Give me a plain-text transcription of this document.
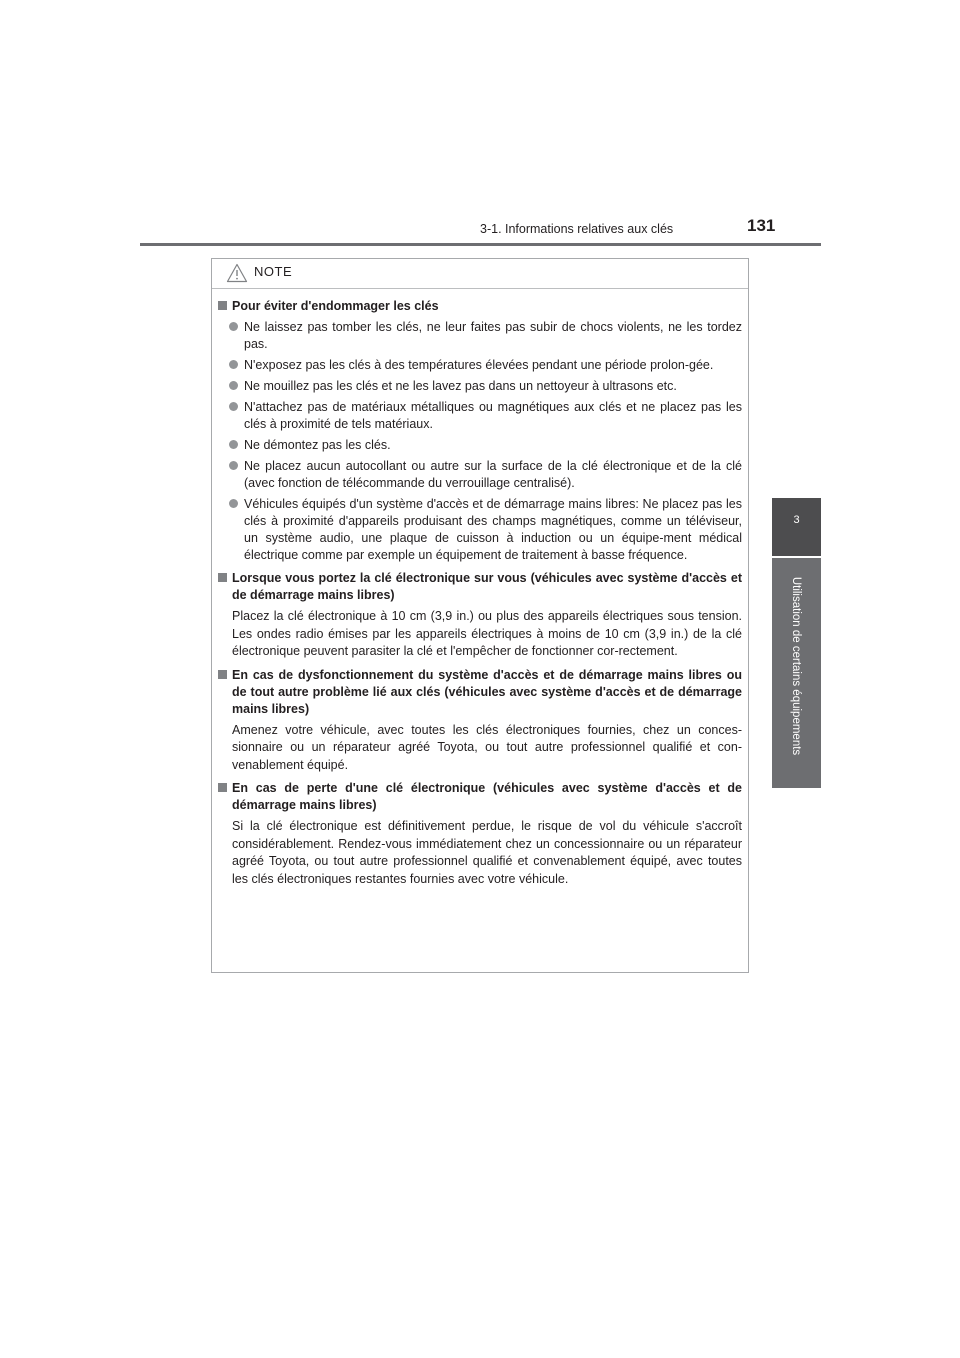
3-1. Informations relatives aux clés	131
3
Utilisation de certains équipements
NOTE
Pour éviter d'endommager les clés
Ne laissez pas tomber les clés, ne leur faites pas subir de chocs violents, ne les tordez pas.
N'exposez pas les clés à des températures élevées pendant une période prolon-gée.
Ne mouillez pas les clés et ne les lavez pas dans un nettoyeur à ultrasons etc.
N'attachez pas de matériaux métalliques ou magnétiques aux clés et ne placez pas les clés à proximité de tels matériaux.
Ne démontez pas les clés.
Ne placez aucun autocollant ou autre sur la surface de la clé électronique et de la clé (avec fonction de télécommande du verrouillage centralisé).
Véhicules équipés d'un système d'accès et de démarrage mains libres: Ne placez pas les clés à proximité d'appareils produisant des champs magnétiques, comme un téléviseur, un système audio, une plaque de cuisson à induction ou un équipe-ment médical électrique comme par exemple un équipement de traitement à basse fréquence.
Lorsque vous portez la clé électronique sur vous (véhicules avec système d'accès et de démarrage mains libres)
Placez la clé électronique à 10 cm (3,9 in.) ou plus des appareils électriques sous tension. Les ondes radio émises par les appareils électriques à moins de 10 cm (3,9 in.) de la clé électronique peuvent parasiter la clé et l'empêcher de fonctionner cor-rectement.
En cas de dysfonctionnement du système d'accès et de démarrage mains libres ou de tout autre problème lié aux clés (véhicules avec système d'accès et de démarrage mains libres)
Amenez votre véhicule, avec toutes les clés électroniques fournies, chez un conces-sionnaire ou un réparateur agréé Toyota, ou tout autre professionnel qualifié et con-venablement équipé.
En cas de perte d'une clé électronique (véhicules avec système d'accès et de démarrage mains libres)
Si la clé électronique est définitivement perdue, le risque de vol du véhicule s'accroît considérablement. Rendez-vous immédiatement chez un concessionnaire ou un réparateur agréé Toyota, ou tout autre professionnel qualifié et convenablement équipé, avec toutes les clés électroniques restantes fournies avec votre véhicule.
